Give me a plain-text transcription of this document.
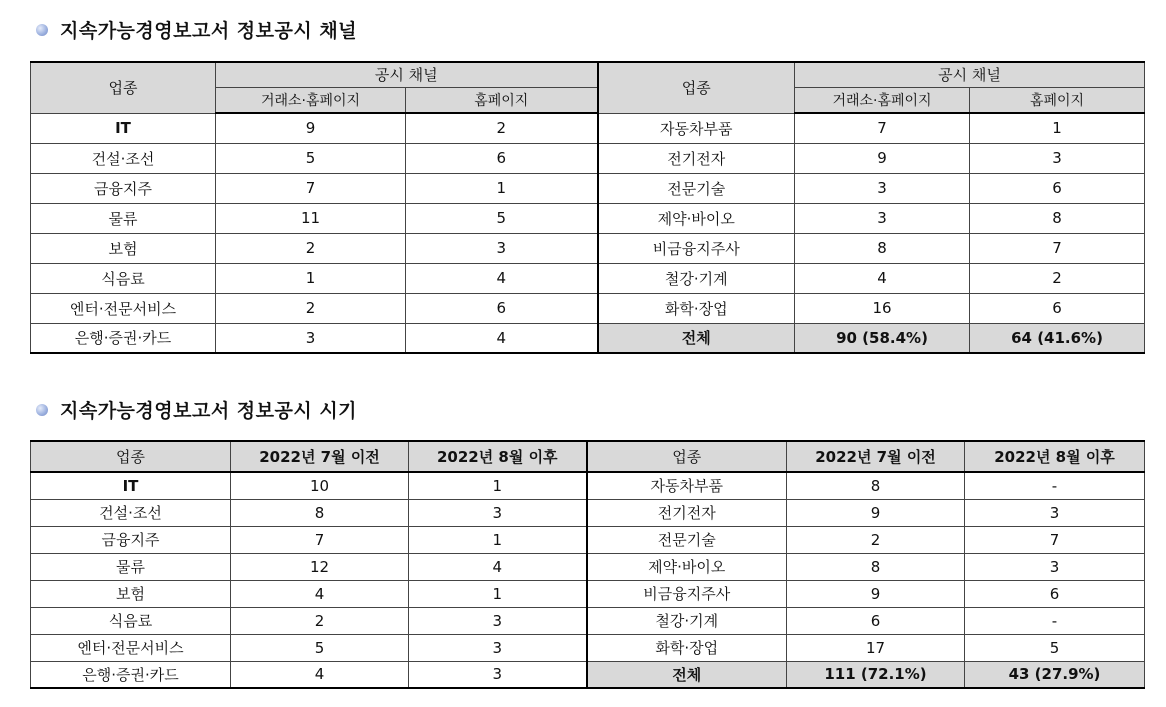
지속가능경영보고서 정보공시 채널
업종	공시 채널		업종	공시 채널	
	거래소·홈페이지	홈페이지		거래소·홈페이지	홈페이지
IT	9	2	자동차부품	7	1
건설·조선	5	6	전기전자	9	3
금융지주	7	1	전문기술	3	6
물류	11	5	제약·바이오	3	8
보험	2	3	비금융지주사	8	7
식음료	1	4	철강·기계	4	2
엔터·전문서비스	2	6	화학·장업	16	6
은행·증권·카드	3	4	전체	90 (58.4%)	64 (41.6%)
지속가능경영보고서 정보공시 시기
업종	2022년 7월 이전	2022년 8월 이후	업종	2022년 7월 이전	2022년 8월 이후
IT	10	1	자동차부품	8	-
건설·조선	8	3	전기전자	9	3
금융지주	7	1	전문기술	2	7
물류	12	4	제약·바이오	8	3
보험	4	1	비금융지주사	9	6
식음료	2	3	철강·기계	6	-
엔터·전문서비스	5	3	화학·장업	17	5
은행·증권·카드	4	3	전체	111 (72.1%)	43 (27.9%)
